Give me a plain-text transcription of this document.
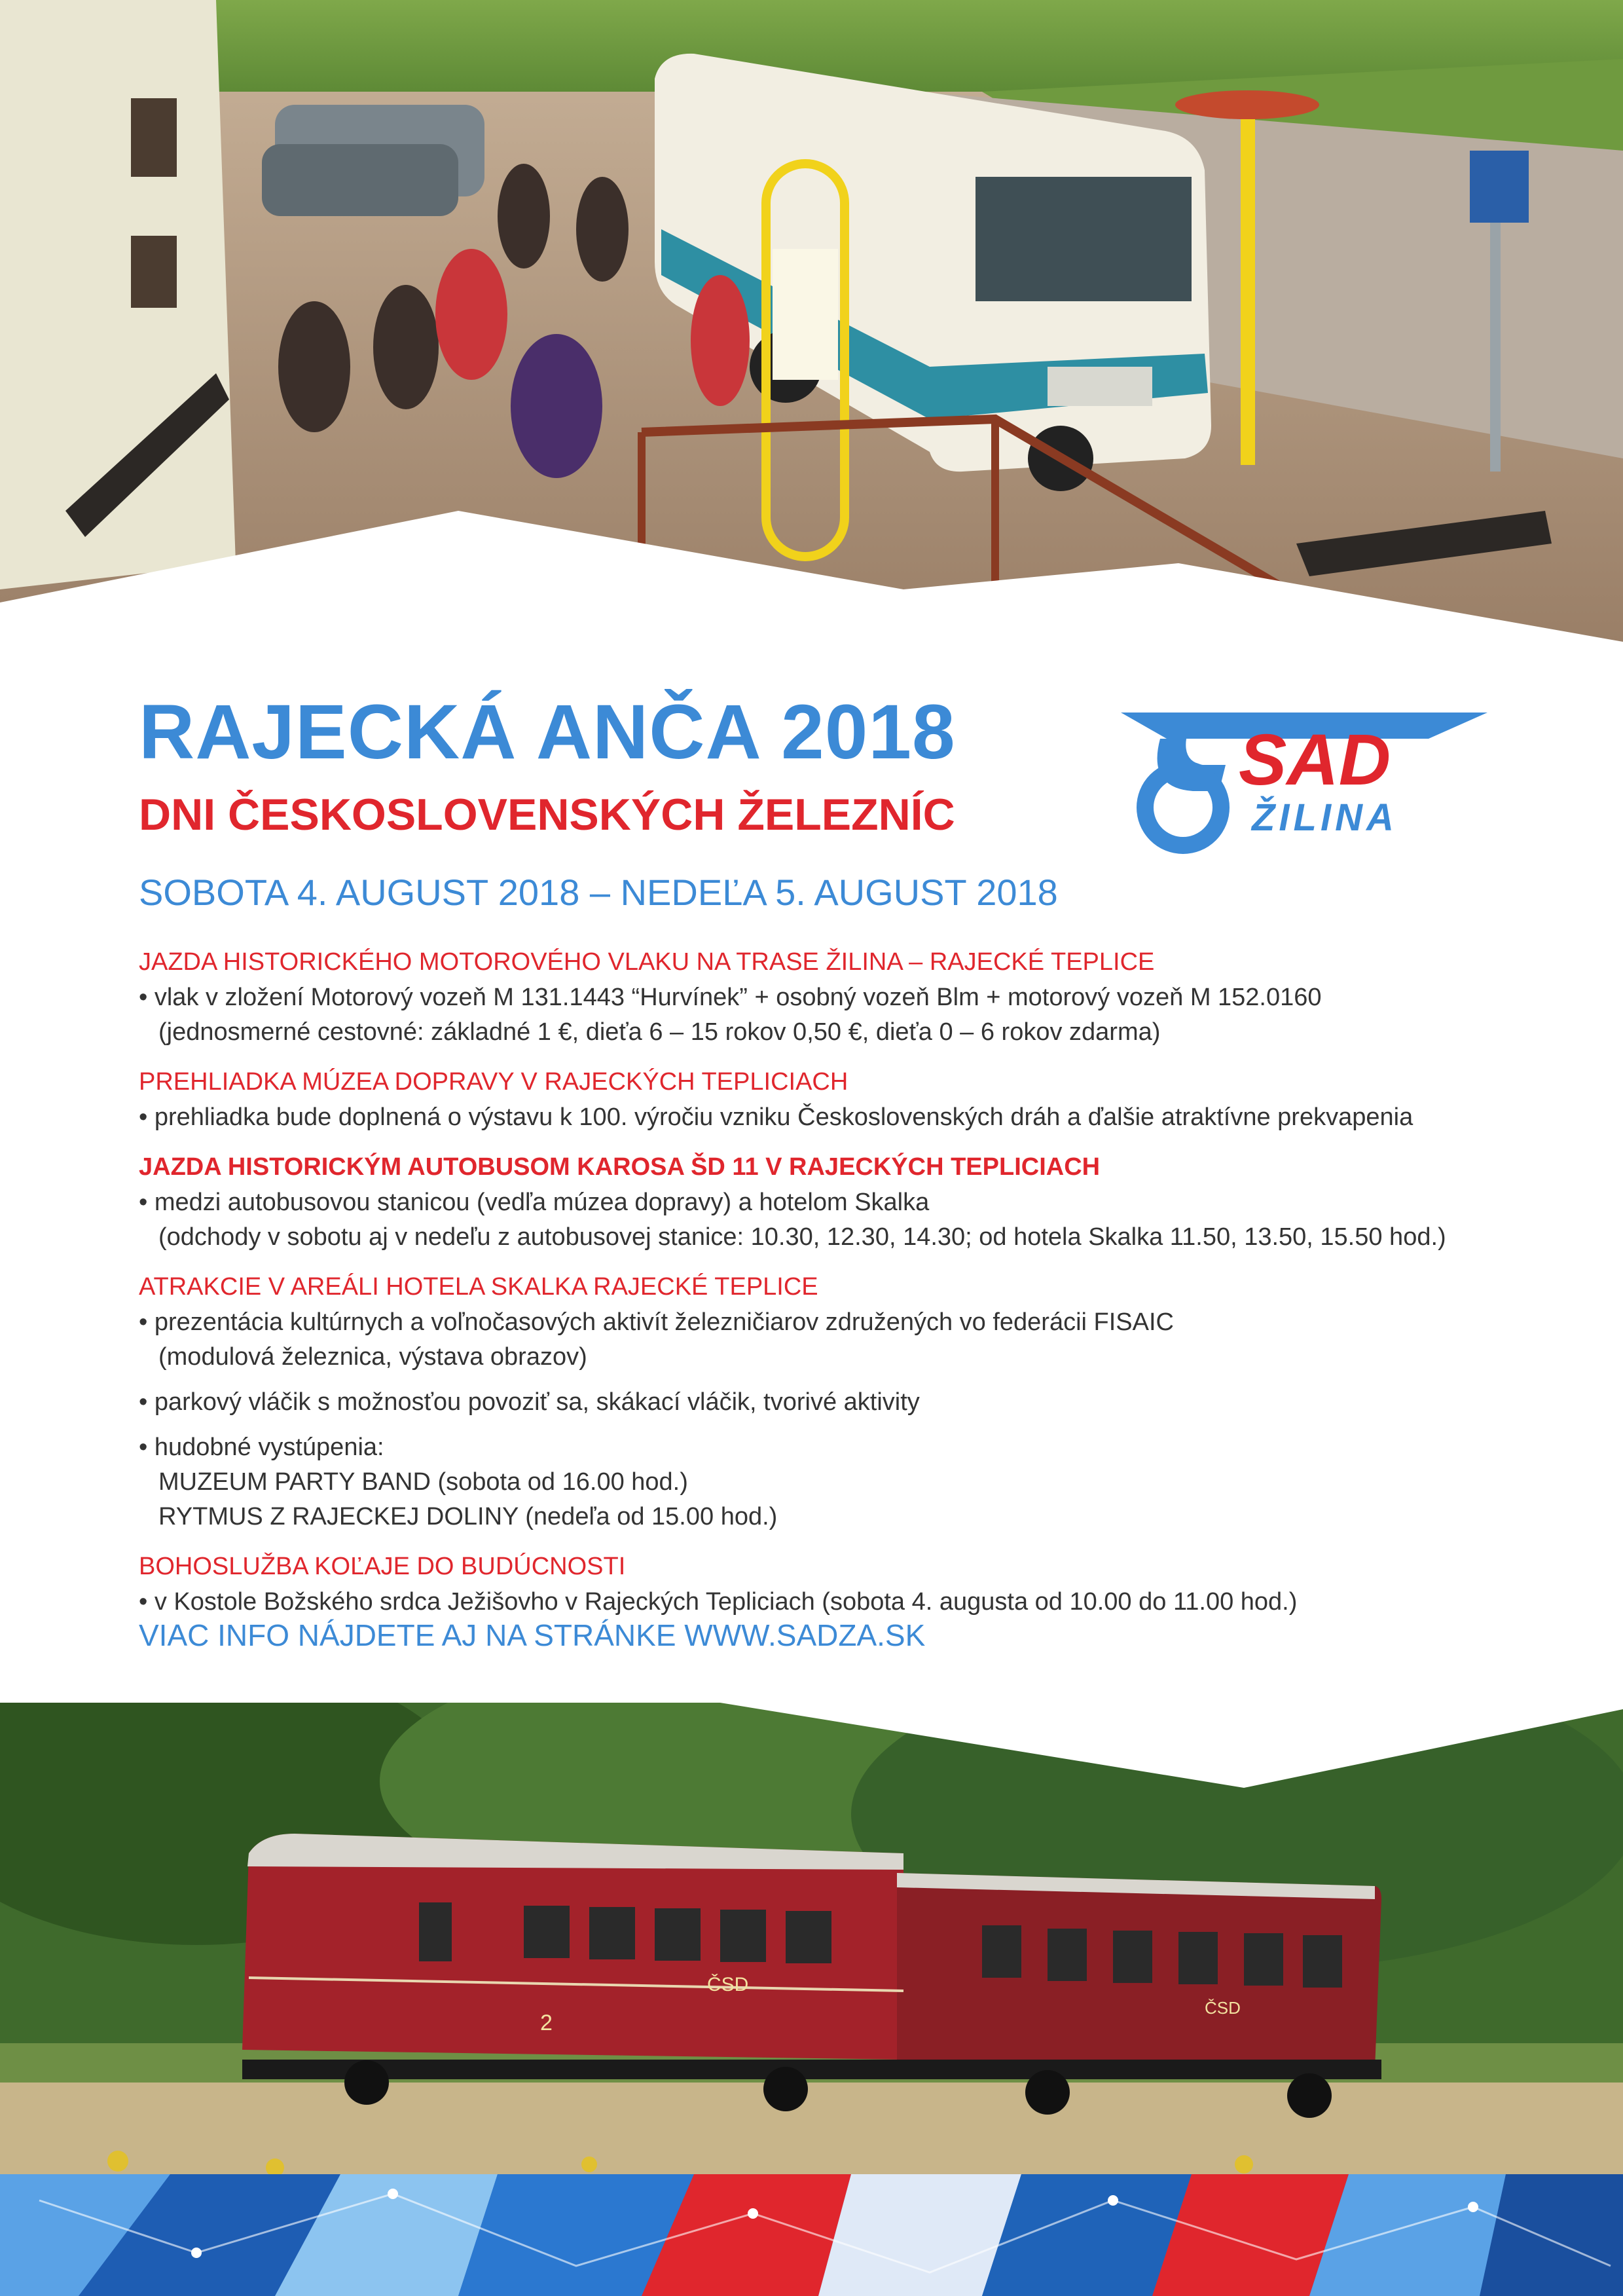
RAJECKÁ ANČA 2018
DNI ČESKOSLOVENSKÝCH ŽELEZNÍC

SOBOTA 4. AUGUST 2018 – NEDEĽA 5. AUGUST 2018

SAD
ŽILINA

JAZDA HISTORICKÉHO MOTOROVÉHO VLAKU NA TRASE ŽILINA – RAJECKÉ TEPLICE

• vlak v zložení Motorový vozeň M 131.1443 “Hurvínek” + osobný vozeň Blm + motorový vozeň M 152.0160

(jednosmerné cestovné: základné 1 €, dieťa 6 – 15 rokov 0,50 €, dieťa 0 – 6 rokov zdarma)

PREHLIADKA MÚZEA DOPRAVY V RAJECKÝCH TEPLICIACH

• prehliadka bude doplnená o výstavu k 100. výročiu vzniku Československých dráh a ďalšie atraktívne prekvapenia

JAZDA HISTORICKÝM AUTOBUSOM KAROSA ŠD 11 V RAJECKÝCH TEPLICIACH

• medzi autobusovou stanicou (vedľa múzea dopravy) a hotelom Skalka

(odchody v sobotu aj v nedeľu z autobusovej stanice: 10.30, 12.30, 14.30; od hotela Skalka 11.50, 13.50, 15.50 hod.)

ATRAKCIE V AREÁLI HOTELA SKALKA RAJECKÉ TEPLICE

• prezentácia kultúrnych a voľnočasových aktivít železničiarov združených vo federácii FISAIC

(modulová železnica, výstava obrazov)

• parkový vláčik s možnosťou povoziť sa, skákací vláčik, tvorivé aktivity

• hudobné vystúpenia:

MUZEUM PARTY BAND (sobota od 16.00 hod.)

RYTMUS Z RAJECKEJ DOLINY (nedeľa od 15.00 hod.)

BOHOSLUŽBA KOĽAJE DO BUDÚCNOSTI

• v Kostole Božského srdca Ježišovho v Rajeckých Tepliciach (sobota 4. augusta od 10.00 do 11.00 hod.)

VIAC INFO NÁJDETE AJ NA STRÁNKE WWW.SADZA.SK

ČSD
ČSD
2
